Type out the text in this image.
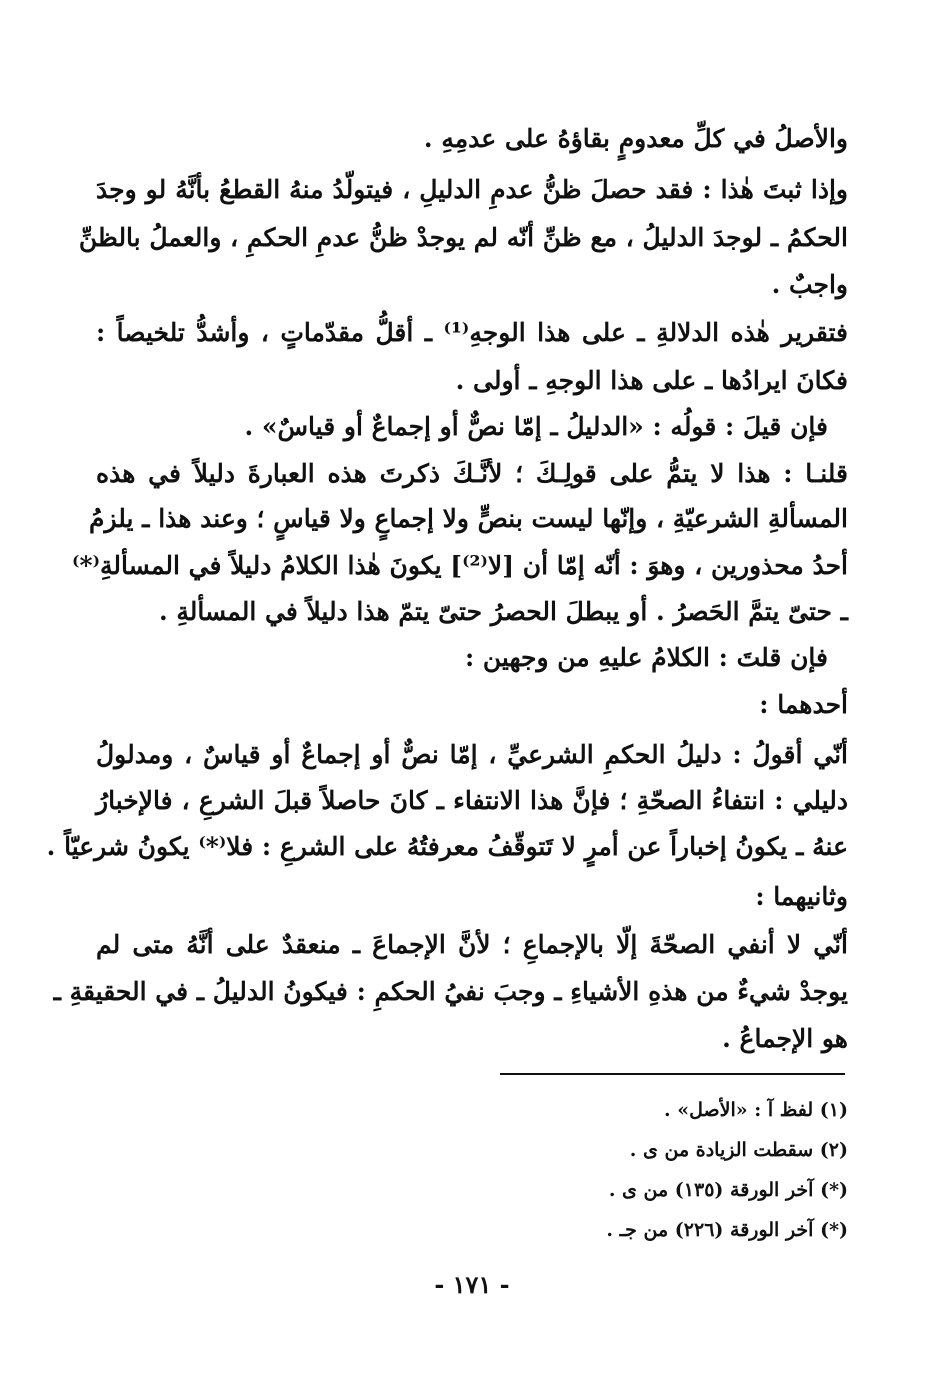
والأصلُ في كلِّ معدومٍ بقاؤهُ على عدمِهِ .
وإذا ثبتَ هٰذا : فقد حصلَ ظنُّ عدمِ الدليلِ ، فيتولّدُ منهُ القطعُ بأنَّهُ لو وجدَ
الحكمُ ـ لوجدَ الدليلُ ، مع ظنِّ أنّه لم يوجدْ ظنُّ عدمِ الحكمِ ، والعملُ بالظنِّ
واجبٌ .
فتقرير هٰذه الدلالةِ ـ على هذا الوجهِ⁽¹⁾ ـ أقلُّ مقدّماتٍ ، وأشدُّ تلخيصاً :
فكانَ ايرادُها ـ على هذا الوجهِ ـ أولى .
فإن قيلَ : قولُه : «الدليلُ ـ إمّا نصٌّ أو إجماعٌ أو قياسٌ» .
قلنـا : هذا لا يتمُّ على قولِـكَ ؛ لأنَّـكَ ذكرتَ هذه العبارةَ دليلاً في هذه
المسألةِ الشرعيّةِ ، وإنّها ليست بنصٍّ ولا إجماعٍ ولا قياسٍ ؛ وعند هذا ـ يلزمُ
أحدُ محذورين ، وهوَ : أنّه إمّا أن [لا⁽²⁾] يكونَ هٰذا الكلامُ دليلاً في المسألةِ⁽*⁾
ـ حتىّ يتمَّ الحَصرُ . أو يبطلَ الحصرُ حتىّ يتمّ هذا دليلاً في المسألةِ .
فإن قلتَ : الكلامُ عليهِ من وجهين :
أحدهما :
أنّي أقولُ : دليلُ الحكمِ الشرعيِّ ، إمّا نصٌّ أو إجماعٌ أو قياسٌ ، ومدلولُ
دليلي : انتفاءُ الصحّةِ ؛ فإنَّ هذا الانتفاء ـ كانَ حاصلاً قبلَ الشرعِ ، فالإخبارُ
عنهُ ـ يكونُ إخباراً عن أمرٍ لا تَتوقّفُ معرفتُهُ على الشرعِ : فلا⁽*⁾ يكونُ شرعيّاً .
وثانيهما :
أنّي لا أنفي الصحّةَ إلّا بالإجماعِ ؛ لأنَّ الإجماعَ ـ منعقدٌ على أنَّهُ متى لم
يوجدْ شيءٌ من هذهِ الأشياءِ ـ وجبَ نفيُ الحكمِ : فيكونُ الدليلُ ـ في الحقيقةِ ـ
هو الإجماعُ .
(١) لفظ آ : «الأصل» .
(٢) سقطت الزيادة من ى .
(*) آخر الورقة (١٣٥) من ى .
(*) آخر الورقة (٢٢٦) من جـ .
- ١٧١ -
